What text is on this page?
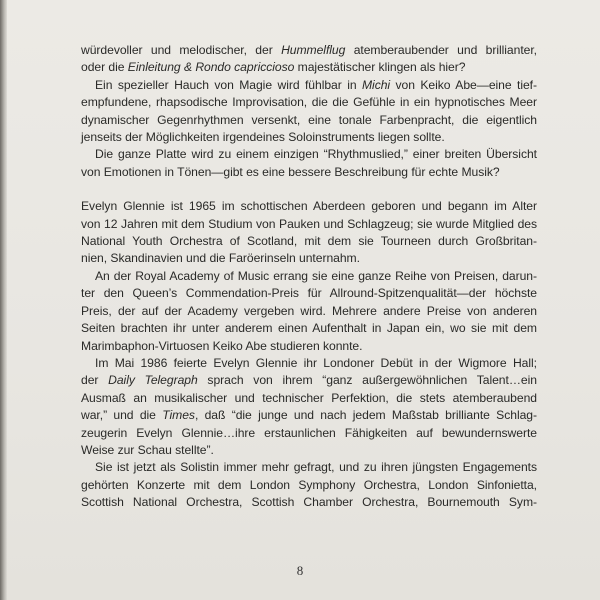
würdevoller und melodischer, der Hummelflug atemberaubender und brillianter,
oder die Einleitung & Rondo capriccioso majestätischer klingen als hier?
Ein spezieller Hauch von Magie wird fühlbar in Michi von Keiko Abe—eine tief-
empfundene, rhapsodische Improvisation, die die Gefühle in ein hypnotisches Meer
dynamischer Gegenrhythmen versenkt, eine tonale Farbenpracht, die eigentlich
jenseits der Möglichkeiten irgendeines Soloinstruments liegen sollte.
Die ganze Platte wird zu einem einzigen “Rhythmuslied,” einer breiten Übersicht
von Emotionen in Tönen—gibt es eine bessere Beschreibung für echte Musik?
Evelyn Glennie ist 1965 im schottischen Aberdeen geboren und begann im Alter
von 12 Jahren mit dem Studium von Pauken und Schlagzeug; sie wurde Mitglied des
National Youth Orchestra of Scotland, mit dem sie Tourneen durch Großbritan-
nien, Skandinavien und die Faröerinseln unternahm.
An der Royal Academy of Music errang sie eine ganze Reihe von Preisen, darun-
ter den Queen’s Commendation-Preis für Allround-Spitzenqualität—der höchste
Preis, der auf der Academy vergeben wird. Mehrere andere Preise von anderen
Seiten brachten ihr unter anderem einen Aufenthalt in Japan ein, wo sie mit dem
Marimbaphon-Virtuosen Keiko Abe studieren konnte.
Im Mai 1986 feierte Evelyn Glennie ihr Londoner Debüt in der Wigmore Hall;
der Daily Telegraph sprach von ihrem “ganz außergewöhnlichen Talent…ein
Ausmaß an musikalischer und technischer Perfektion, die stets atemberaubend
war,” und die Times, daß “die junge und nach jedem Maßstab brilliante Schlag-
zeugerin Evelyn Glennie…ihre erstaunlichen Fähigkeiten auf bewundernswerte
Weise zur Schau stellte”.
Sie ist jetzt als Solistin immer mehr gefragt, und zu ihren jüngsten Engagements
gehörten Konzerte mit dem London Symphony Orchestra, London Sinfonietta,
Scottish National Orchestra, Scottish Chamber Orchestra, Bournemouth Sym-
8
